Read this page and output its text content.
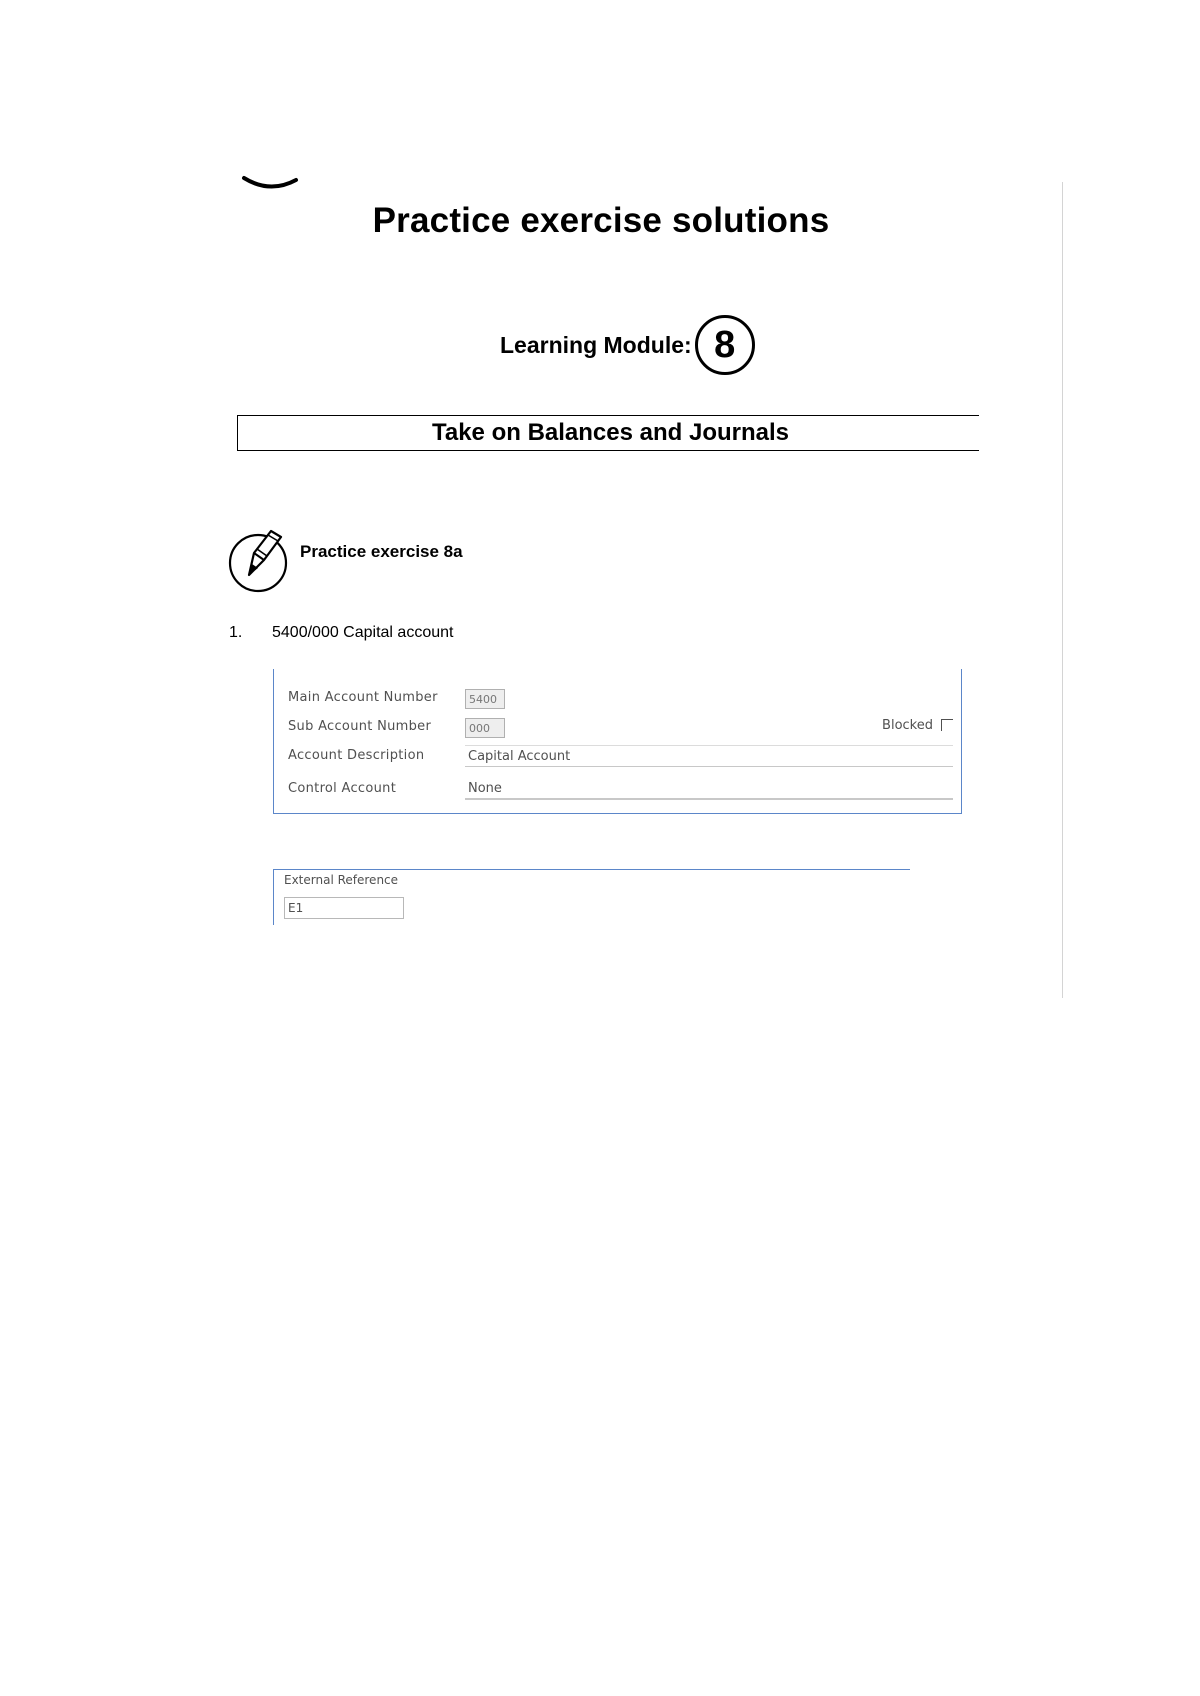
Practice exercise solutions
Learning Module: 8
Take on Balances and Journals
Practice exercise 8a
1.	5400/000 Capital account
Main Account Number	5400
Sub Account Number	000	Blocked
Account Description	Capital Account
Control Account	None
External Reference
E1
